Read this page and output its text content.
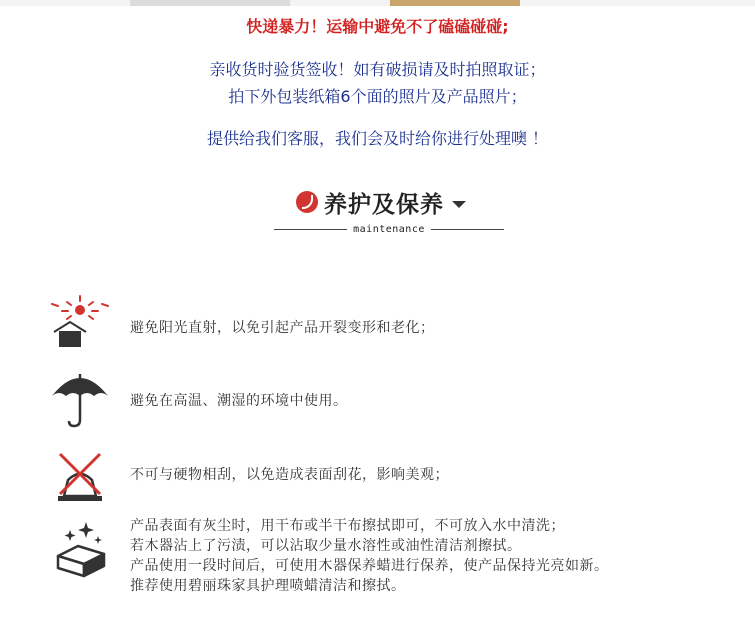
快递暴力！运输中避免不了磕磕碰碰;
亲收货时验货签收！如有破损请及时拍照取证；
拍下外包装纸箱6个面的照片及产品照片；
提供给我们客服，我们会及时给你进行处理噢 ！
养护及保养
maintenance
避免阳光直射，以免引起产品开裂变形和老化；
避免在高温、潮湿的环境中使用。
不可与硬物相刮，以免造成表面刮花，影响美观；
产品表面有灰尘时，用干布或半干布擦拭即可，不可放入水中清洗；
若木器沾上了污渍，可以沾取少量水溶性或油性清洁剂擦拭。
产品使用一段时间后，可使用木器保养蜡进行保养，使产品保持光亮如新。
推荐使用碧丽珠家具护理喷蜡清洁和擦拭。
